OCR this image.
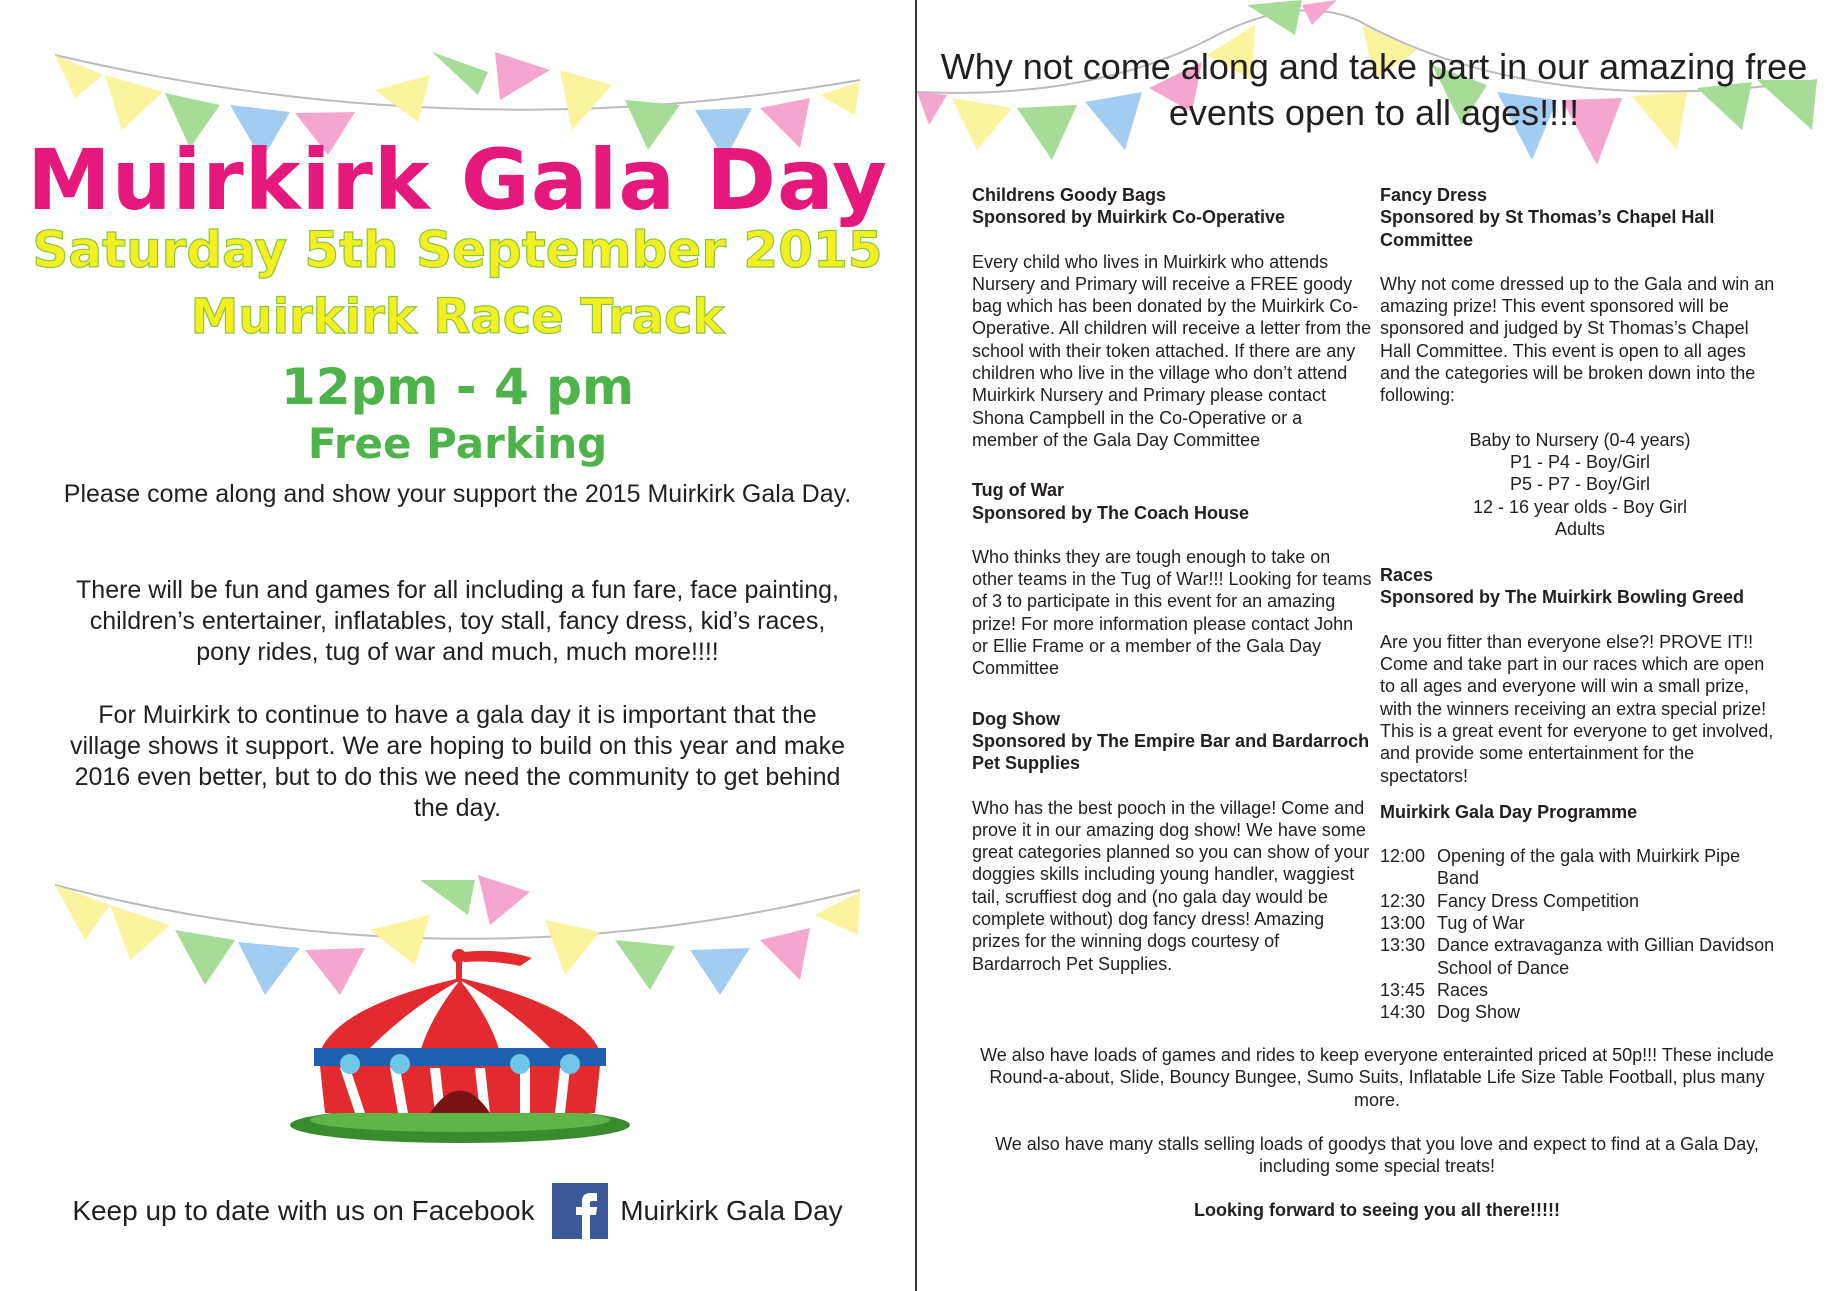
Muirkirk Gala Day
Saturday 5th September 2015
Muirkirk Race Track
12pm - 4 pm
Free Parking

Please come along and show your support the 2015 Muirkirk Gala Day.

There will be fun and games for all including a fun fare, face painting, children’s entertainer, inflatables, toy stall, fancy dress, kid’s races, pony rides, tug of war and much, much more!!!!

For Muirkirk to continue to have a gala day it is important that the village shows it support. We are hoping to build on this year and make 2016 even better, but to do this we need the community to get behind the day.

Keep up to date with us on Facebook	Muirkirk Gala Day
Why not come along and take part in our amazing free events open to all ages!!!!

Childrens Goody Bags

Sponsored by Muirkirk Co-Operative

Every child who lives in Muirkirk who attends Nursery and Primary will receive a FREE goody bag which has been donated by the Muirkirk Co-Operative. All children will receive a letter from the school with their token attached. If there are any children who live in the village who don’t attend Muirkirk Nursery and Primary please contact Shona Campbell in the Co-Operative or a member of the Gala Day Committee

Tug of War

Sponsored by The Coach House

Who thinks they are tough enough to take on other teams in the Tug of War!!! Looking for teams of 3 to participate in this event for an amazing prize! For more information please contact John or Ellie Frame or a member of the Gala Day Committee

Dog Show

Sponsored by The Empire Bar and Bardarroch Pet Supplies

Who has the best pooch in the village! Come and prove it in our amazing dog show! We have some great categories planned so you can show of your doggies skills including young handler, waggiest tail, scruffiest dog and (no gala day would be complete without) dog fancy dress! Amazing prizes for the winning dogs courtesy of Bardarroch Pet Supplies.

Fancy Dress

Sponsored by St Thomas’s Chapel Hall Committee

Why not come dressed up to the Gala and win an amazing prize! This event sponsored will be sponsored and judged by St Thomas’s Chapel Hall Committee. This event is open to all ages and the categories will be broken down into the following:

Baby to Nursery (0-4 years)
P1 - P4 - Boy/Girl
P5 - P7 - Boy/Girl
12 - 16 year olds - Boy Girl
Adults

Races

Sponsored by The Muirkirk Bowling Greed

Are you fitter than everyone else?! PROVE IT!! Come and take part in our races which are open to all ages and everyone will win a small prize, with the winners receiving an extra special prize! This is a great event for everyone to get involved, and provide some entertainment for the spectators!

Muirkirk Gala Day Programme

12:00 Opening of the gala with Muirkirk Pipe Band
12:30 Fancy Dress Competition
13:00 Tug of War
13:30 Dance extravaganza with Gillian Davidson School of Dance
13:45 Races
14:30 Dog Show

We also have loads of games and rides to keep everyone enterainted priced at 50p!!! These include Round-a-about, Slide, Bouncy Bungee, Sumo Suits, Inflatable Life Size Table Football, plus many more.

We also have many stalls selling loads of goodys that you love and expect to find at a Gala Day, including some special treats!

Looking forward to seeing you all there!!!!!
